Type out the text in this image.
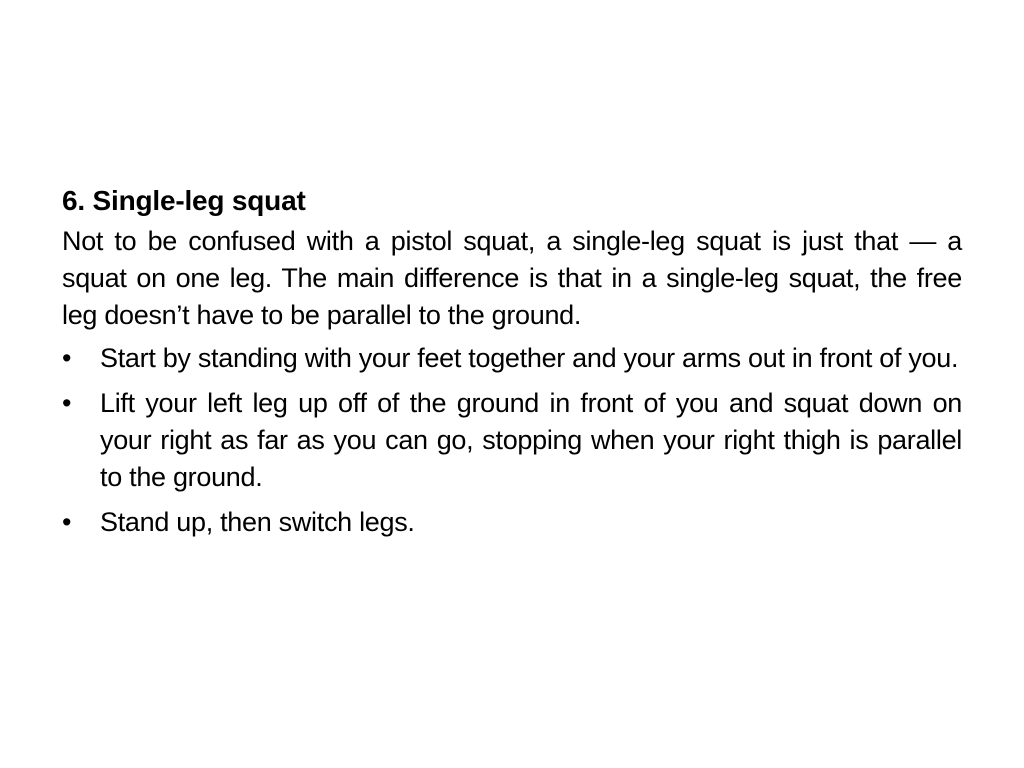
6. Single-leg squat
Not to be confused with a pistol squat, a single-leg squat is just that — a squat on one leg. The main difference is that in a single-leg squat, the free leg doesn’t have to be parallel to the ground.
•	Start by standing with your feet together and your arms out in front of you.
•	Lift your left leg up off of the ground in front of you and squat down on your right as far as you can go, stopping when your right thigh is parallel to the ground.
•	Stand up, then switch legs.
